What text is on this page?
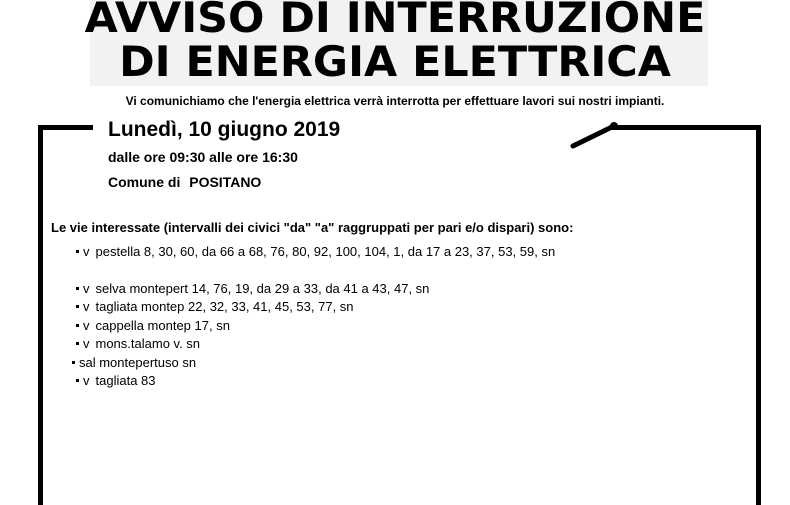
AVVISO DI INTERRUZIONE
DI ENERGIA ELETTRICA
Vi comunichiamo che l'energia elettrica verrà interrotta per effettuare lavori sui nostri impianti.
Lunedì, 10 giugno 2019
dalle ore 09:30 alle ore 16:30
Comune di POSITANO
Le vie interessate (intervalli dei civici "da" "a" raggruppati per pari e/o dispari) sono:
v pestella 8, 30, 60, da 66 a 68, 76, 80, 92, 100, 104, 1, da 17 a 23, 37, 53, 59, sn
v selva montepert 14, 76, 19, da 29 a 33, da 41 a 43, 47, sn
v tagliata montep 22, 32, 33, 41, 45, 53, 77, sn
v cappella montep 17, sn
v mons.talamo v. sn
sal montepertuso sn
v tagliata 83
